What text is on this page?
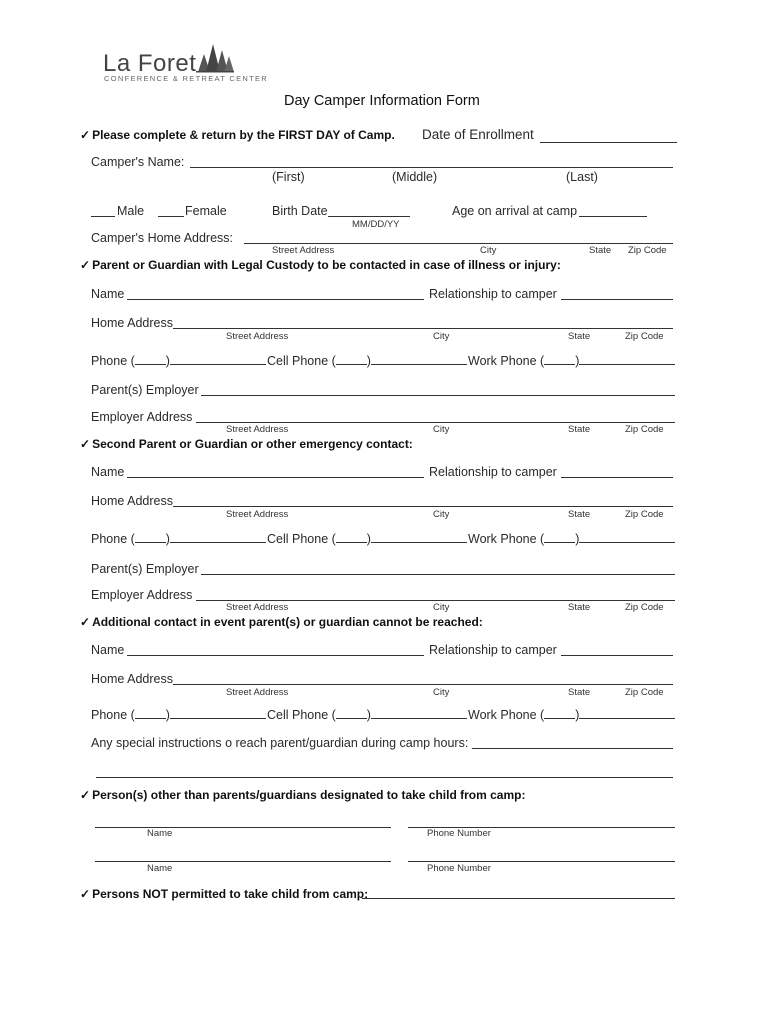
La Foret
CONFERENCE & RETREAT CENTER
Day Camper Information Form
✓ Please complete & return by the FIRST DAY of Camp. Date of Enrollment
Camper's Name:
(First)	(Middle)	(Last)
Male	Female	Birth Date
MM/DD/YY
Age on arrival at camp
Camper's Home Address:
Street Address	City	State Zip Code
✓ Parent or Guardian with Legal Custody to be contacted in case of illness or injury:
Name	Relationship to camper
Home Address
Street Address	City	State	Zip Code
Phone ( )	Cell Phone ( )	Work Phone ( )
Parent(s) Employer
Employer Address
Street Address	City	State	Zip Code
✓ Second Parent or Guardian or other emergency contact:
Name	Relationship to camper
Home Address
Street Address	City	State	Zip Code
Phone ( )	Cell Phone ( )	Work Phone ( )
Parent(s) Employer
Employer Address
Street Address	City	State	Zip Code
✓ Additional contact in event parent(s) or guardian cannot be reached:
Name	Relationship to camper
Home Address
Street Address	City	State	Zip Code
Phone ( )	Cell Phone ( )	Work Phone ( )
Any special instructions o reach parent/guardian during camp hours:
✓ Person(s) other than parents/guardians designated to take child from camp:
Name	Phone Number
Name	Phone Number
✓ Persons NOT permitted to take child from camp:
